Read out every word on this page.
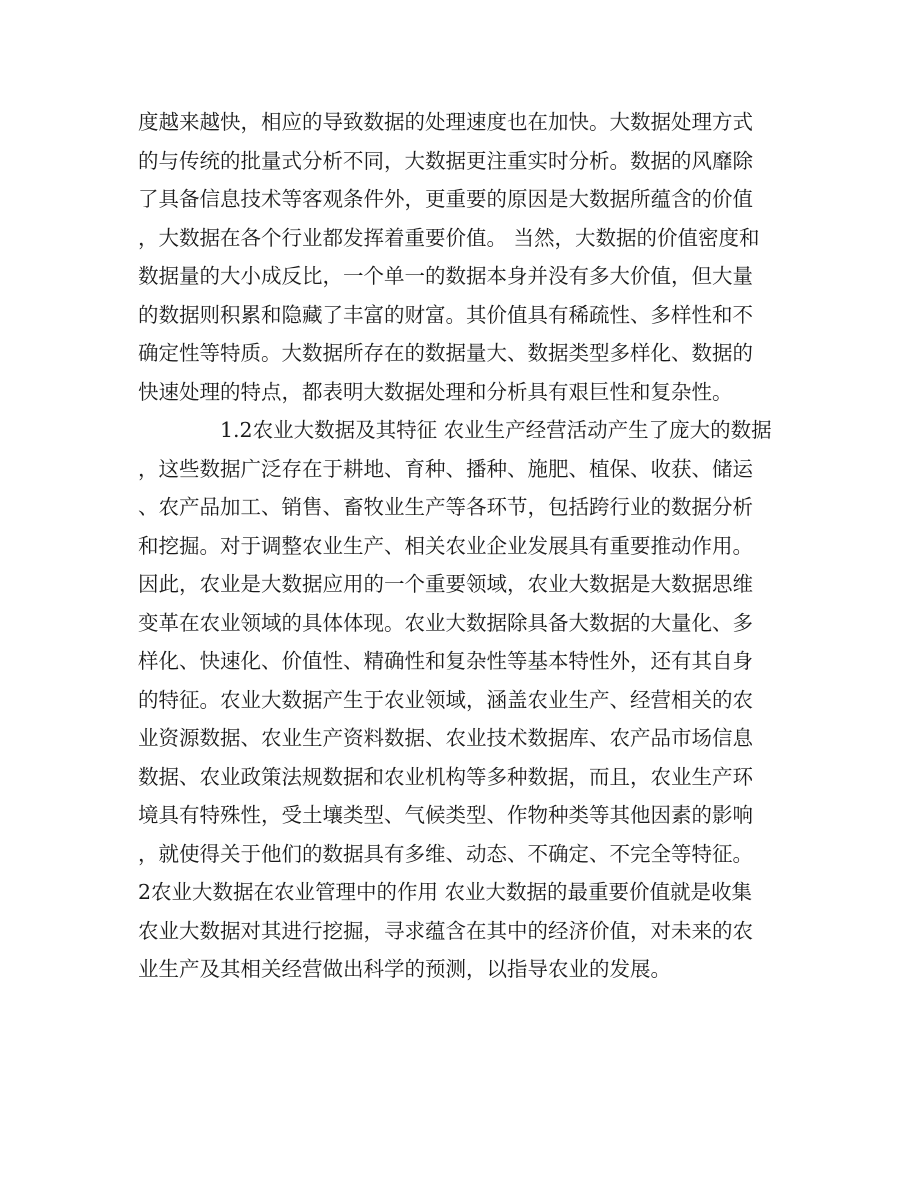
度越来越快，相应的导致数据的处理速度也在加快。大数据处理方式
的与传统的批量式分析不同，大数据更注重实时分析。数据的风靡除
了具备信息技术等客观条件外，更重要的原因是大数据所蕴含的价值
，大数据在各个行业都发挥着重要价值。 当然，大数据的价值密度和
数据量的大小成反比，一个单一的数据本身并没有多大价值，但大量
的数据则积累和隐藏了丰富的财富。其价值具有稀疏性、多样性和不
确定性等特质。大数据所存在的数据量大、数据类型多样化、数据的
快速处理的特点，都表明大数据处理和分析具有艰巨性和复杂性。
　　　　1.2农业大数据及其特征 农业生产经营活动产生了庞大的数据
，这些数据广泛存在于耕地、育种、播种、施肥、植保、收获、储运
、农产品加工、销售、畜牧业生产等各环节，包括跨行业的数据分析
和挖掘。对于调整农业生产、相关农业企业发展具有重要推动作用。
因此，农业是大数据应用的一个重要领域，农业大数据是大数据思维
变革在农业领域的具体体现。农业大数据除具备大数据的大量化、多
样化、快速化、价值性、精确性和复杂性等基本特性外，还有其自身
的特征。农业大数据产生于农业领域，涵盖农业生产、经营相关的农
业资源数据、农业生产资料数据、农业技术数据库、农产品市场信息
数据、农业政策法规数据和农业机构等多种数据，而且，农业生产环
境具有特殊性，受土壤类型、气候类型、作物种类等其他因素的影响
，就使得关于他们的数据具有多维、动态、不确定、不完全等特征。
2农业大数据在农业管理中的作用 农业大数据的最重要价值就是收集
农业大数据对其进行挖掘，寻求蕴含在其中的经济价值，对未来的农
业生产及其相关经营做出科学的预测，以指导农业的发展。
